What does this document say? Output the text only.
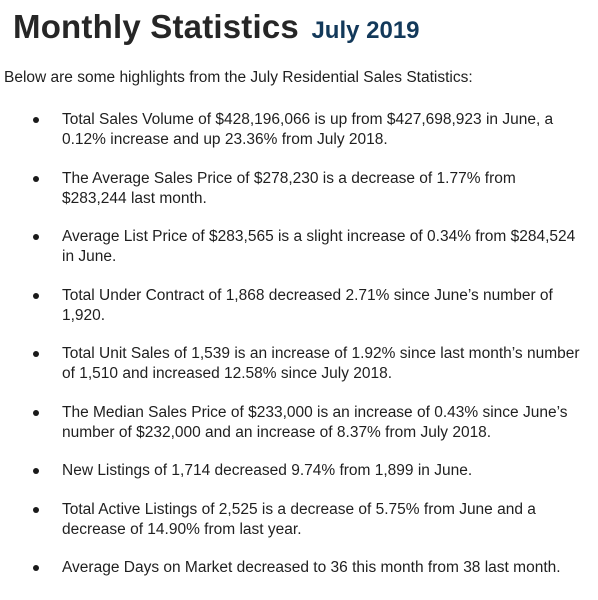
Monthly Statistics July 2019
Below are some highlights from the July Residential Sales Statistics:
Total Sales Volume of $428,196,066 is up from $427,698,923 in June, a 0.12% increase and up 23.36% from July 2018.
The Average Sales Price of $278,230 is a decrease of 1.77% from $283,244 last month.
Average List Price of $283,565 is a slight increase of 0.34% from $284,524 in June.
Total Under Contract of 1,868 decreased 2.71% since June’s number of 1,920.
Total Unit Sales of 1,539 is an increase of 1.92% since last month’s number of 1,510 and increased 12.58% since July 2018.
The Median Sales Price of $233,000 is an increase of 0.43% since June’s number of $232,000 and an increase of 8.37% from July 2018.
New Listings of 1,714 decreased 9.74% from 1,899 in June.
Total Active Listings of 2,525 is a decrease of 5.75% from June and a decrease of 14.90% from last year.
Average Days on Market decreased to 36 this month from 38 last month.
